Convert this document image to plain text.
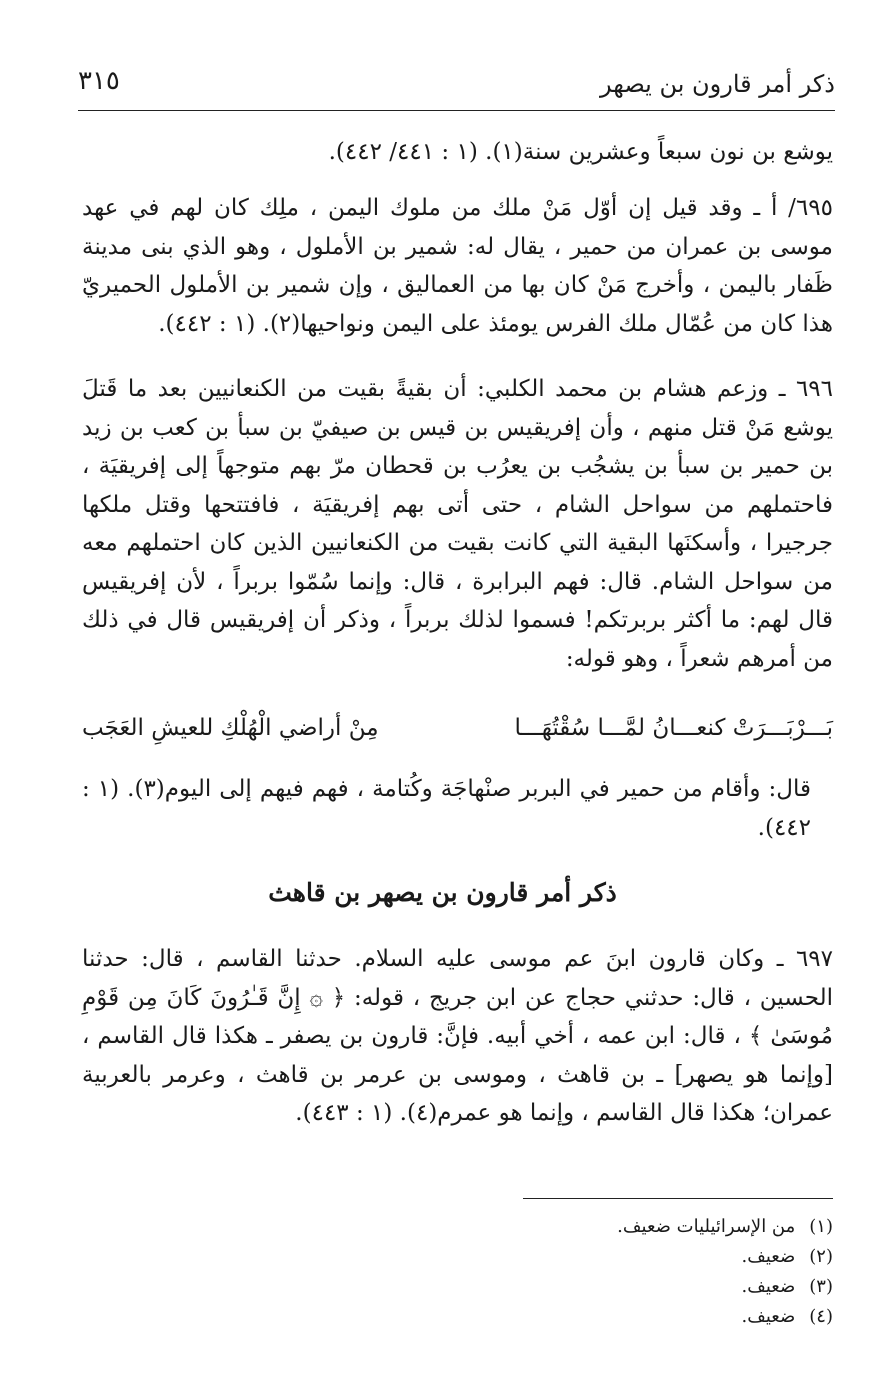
ذكر أمر قارون بن يصهر
٣١٥

يوشع بن نون سبعاً وعشرين سنة(١). (١ : ٤٤١/ ٤٤٢).

٦٩٥/ أ ـ وقد قيل إن أوّل مَنْ ملك من ملوك اليمن ، ملِك كان لهم في عهد موسى بن عمران من حمير ، يقال له: شمير بن الأملول ، وهو الذي بنى مدينة ظَفار باليمن ، وأخرج مَنْ كان بها من العماليق ، وإن شمير بن الأملول الحميريّ هذا كان من عُمّال ملك الفرس يومئذ على اليمن ونواحيها(٢). (١ : ٤٤٢).

٦٩٦ ـ وزعم هشام بن محمد الكلبي: أن بقيةً بقيت من الكنعانيين بعد ما قَتلَ يوشع مَنْ قتل منهم ، وأن إفريقيس بن قيس بن صيفيّ بن سبأ بن كعب بن زيد بن حمير بن سبأ بن يشجُب بن يعرُب بن قحطان مرّ بهم متوجهاً إلى إفريقيَة ، فاحتملهم من سواحل الشام ، حتى أتى بهم إفريقيَة ، فافتتحها وقتل ملكها جرجيرا ، وأسكنَها البقية التي كانت بقيت من الكنعانيين الذين كان احتملهم معه من سواحل الشام. قال: فهم البرابرة ، قال: وإنما سُمّوا بربراً ، لأن إفريقيس قال لهم: ما أكثر بربرتكم! فسموا لذلك بربراً ، وذكر أن إفريقيس قال في ذلك من أمرهم شعراً ، وهو قوله:

بَـــرْبَـــرَتْ كنعـــانُ لمَّـــا سُقْتُهَـــا
مِنْ أراضي الْهُلْكِ للعيشِ العَجَب

قال: وأقام من حمير في البربر صنْهاجَة وكُتامة ، فهم فيهم إلى اليوم(٣). (١ : ٤٤٢).

ذكر أمر قارون بن يصهر بن قاهث

٦٩٧ ـ وكان قارون ابنَ عم موسى عليه السلام. حدثنا القاسم ، قال: حدثنا الحسين ، قال: حدثني حجاج عن ابن جريج ، قوله: ﴿ ۞ إِنَّ قَـٰرُونَ كَانَ مِن قَوْمِ مُوسَىٰ ﴾ ، قال: ابن عمه ، أخي أبيه. فإنَّ: قارون بن يصفر ـ هكذا قال القاسم ، [وإنما هو يصهر] ـ بن قاهث ، وموسى بن عرمر بن قاهث ، وعرمر بالعربية عمران؛ هكذا قال القاسم ، وإنما هو عمرم(٤). (١ : ٤٤٣).

(١)
من الإسرائيليات ضعيف.
(٢)
ضعيف.
(٣)
ضعيف.
(٤)
ضعيف.
